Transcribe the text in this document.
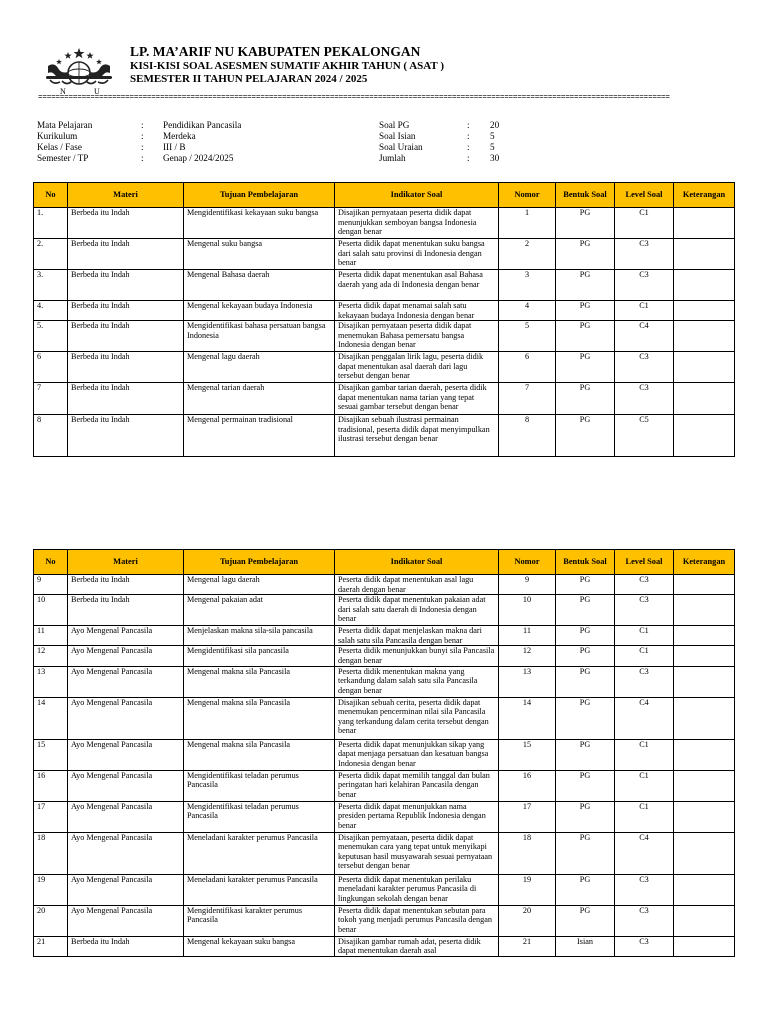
N	U
LP. MA’ARIF NU KABUPATEN PEKALONGAN
KISI-KISI SOAL ASESMEN SUMATIF AKHIR TAHUN ( ASAT )
SEMESTER II TAHUN PELAJARAN 2024 / 2025
=================================================================================================================================================
Mata Pelajaran	: Pendidikan Pancasila
Kurikulum	: Merdeka
Kelas / Fase	: III / B
Semester / TP	: Genap / 2024/2025
Soal PG	: 20
Soal Isian	: 5
Soal Uraian	: 5
Jumlah	: 30
No	Materi	Tujuan Pembelajaran	Indikator Soal	Nomor	Bentuk Soal	Level Soal	Keterangan
1.	Berbeda itu Indah	Mengidentifikasi kekayaan suku bangsa	Disajikan pernyataan peserta didik dapat menunjukkan semboyan bangsa Indonesia dengan benar	1	PG	C1	
2.	Berbeda itu Indah	Mengenal suku bangsa	Peserta didik dapat menentukan suku bangsa dari salah satu provinsi di Indonesia dengan benar	2	PG	C3	
3.	Berbeda itu Indah	Mengenal Bahasa daerah	Peserta didik dapat menentukan asal Bahasa daerah yang ada di Indonesia dengan benar	3	PG	C3	
4.	Berbeda itu Indah	Mengenal kekayaan budaya Indonesia	Peserta didik dapat menamai salah satu kekayaan budaya Indonesia dengan benar	4	PG	C1	
5.	Berbeda itu Indah	Mengidentifikasi bahasa persatuan bangsa Indonesia	Disajikan pernyataan peserta didik dapat menemukan Bahasa pemersatu bangsa Indonesia dengan benar	5	PG	C4	
6	Berbeda itu Indah	Mengenal lagu daerah	Disajikan penggalan lirik lagu, peserta didik dapat menentukan asal daerah dari lagu tersebut dengan benar	6	PG	C3	
7	Berbeda itu Indah	Mengenal tarian daerah	Disajikan gambar tarian daerah, peserta didik dapat menentukan nama tarian yang tepat sesuai gambar tersebut dengan benar	7	PG	C3	
8	Berbeda itu Indah	Mengenal permainan tradisional	Disajikan sebuah ilustrasi permainan tradisional, peserta didik dapat menyimpulkan ilustrasi tersebut dengan benar	8	PG	C5	
No	Materi	Tujuan Pembelajaran	Indikator Soal	Nomor	Bentuk Soal	Level Soal	Keterangan
9	Berbeda itu Indah	Mengenal lagu daerah	Peserta didik dapat menentukan asal lagu daerah dengan benar	9	PG	C3	
10	Berbeda itu Indah	Mengenal pakaian adat	Peserta didik dapat menentukan pakaian adat dari salah satu daerah di Indonesia dengan benar	10	PG	C3	
11	Ayo Mengenal Pancasila	Menjelaskan makna sila-sila pancasila	Peserta didik dapat menjelaskan makna dari salah satu sila Pancasila dengan benar	11	PG	C1	
12	Ayo Mengenal Pancasila	Mengidentifikasi sila pancasila	Peserta didik menunjukkan bunyi sila Pancasila dengan benar	12	PG	C1	
13	Ayo Mengenal Pancasila	Mengenal makna sila Pancasila	Peserta didik menentukan makna yang terkandung dalam salah satu sila Pancasila dengan benar	13	PG	C3	
14	Ayo Mengenal Pancasila	Mengenal makna sila Pancasila	Disajikan sebuah cerita, peserta didik dapat menemukan pencerminan nilai sila Pancasila yang terkandung dalam cerita tersebut dengan benar	14	PG	C4	
15	Ayo Mengenal Pancasila	Mengenal makna sila Pancasila	Peserta didik dapat menunjukkan sikap yang dapat menjaga persatuan dan kesatuan bangsa Indonesia dengan benar	15	PG	C1	
16	Ayo Mengenal Pancasila	Mengidentifikasi teladan perumus Pancasila	Peserta didik dapat memilih tanggal dan bulan peringatan hari kelahiran Pancasila dengan benar	16	PG	C1	
17	Ayo Mengenal Pancasila	Mengidentifikasi teladan perumus Pancasila	Peserta didik dapat menunjukkan nama presiden pertama Republik Indonesia dengan benar	17	PG	C1	
18	Ayo Mengenal Pancasila	Meneladani karakter perumus Pancasila	Disajikan pernyataan, peserta didik dapat menemukan cara yang tepat untuk menyikapi keputusan hasil musyawarah sesuai pernyataan tersebut dengan benar	18	PG	C4	
19	Ayo Mengenal Pancasila	Meneladani karakter perumus Pancasila	Peserta didik dapat menentukan perilaku meneladani karakter perumus Pancasila di lingkungan sekolah dengan benar	19	PG	C3	
20	Ayo Mengenal Pancasila	Mengidentifikasi karakter perumus Pancasila	Peserta didik dapat menentukan sebutan para tokoh yang menjadi perumus Pancasila dengan benar	20	PG	C3	
21	Berbeda itu Indah	Mengenal kekayaan suku bangsa	Disajikan gambar rumah adat, peserta didik dapat menentukan daerah asal	21	Isian	C3	
